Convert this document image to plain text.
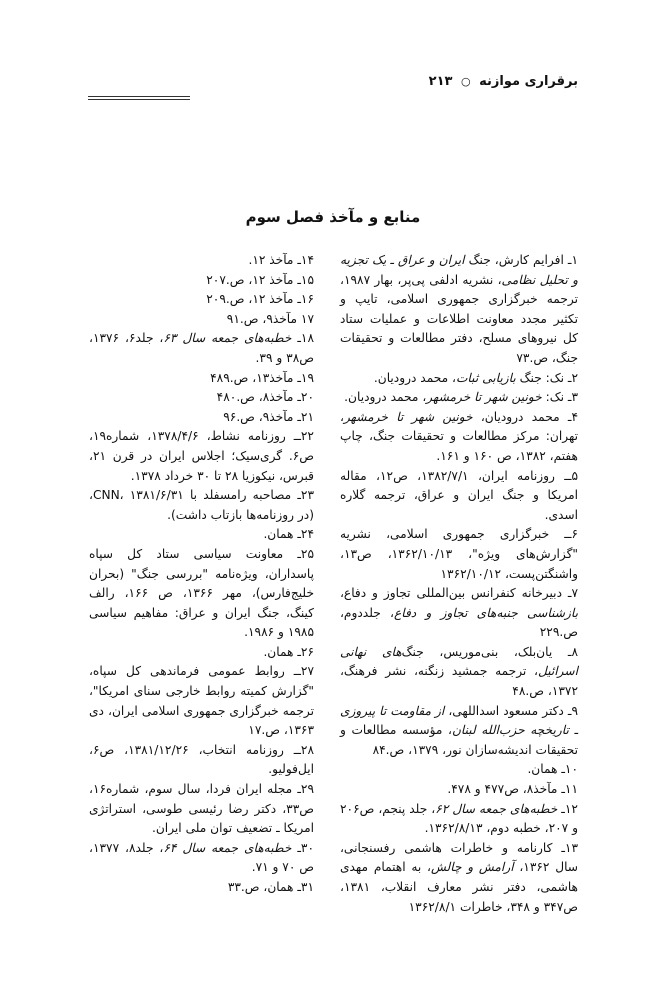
برقراری موازنه ○ ۲۱۳
منابع و مآخذ فصل سوم

۱ـ افرایم کارش، جنگ ایران و عراق ـ یک تجزیه و تحلیل نظامی، نشریه ادلفی پی‌پر، بهار ۱۹۸۷، ترجمه خبرگزاری جمهوری اسلامی، تایپ و تکثیر مجدد معاونت اطلاعات و عملیات ستاد کل نیروهای مسلح، دفتر مطالعات و تحقیقات جنگ، ص.۷۳

۲ـ نک: جنگ بازیابی ثبات، محمد درودیان.

۳ـ نک: خونین شهر تا خرمشهر، محمد درودیان.

۴ـ محمد درودیان، خونین شهر تا خرمشهر، تهران: مرکز مطالعات و تحقیقات جنگ، چاپ هفتم، ۱۳۸۲، ص ۱۶۰ و ۱۶۱.

۵ــ روزنامه ایران، ۱۳۸۲/۷/۱، ص۱۲، مقاله امریکا و جنگ ایران و عراق، ترجمه گلاره اسدی.

۶ــ خبرگزاری جمهوری اسلامی، نشریه "گزارش‌های ویژه"، ۱۳۶۲/۱۰/۱۳، ص۱۳، واشنگتن‌پست، ۱۳۶۲/۱۰/۱۲

۷ـ دبیرخانه کنفرانس بین‌المللی تجاوز و دفاع، بازشناسی جنبه‌های تجاوز و دفاع، جلددوم، ص.۲۲۹

۸ـ یان‌بلک، بنی‌موریس، جنگ‌های نهانی اسرائیل، ترجمه جمشید زنگنه، نشر فرهنگ، ۱۳۷۲، ص.۴۸

۹ـ دکتر مسعود اسداللهی، از مقاومت تا پیروزی ـ تاریخچه حزب‌الله لبنان، مؤسسه مطالعات و تحقیقات اندیشه‌سازان نور، ۱۳۷۹، ص.۸۴

۱۰ـ همان.

۱۱ـ مآخذ۸، ص۴۷۷ و ۴۷۸.

۱۲ـ خطبه‌های جمعه سال ۶۲، جلد پنجم، ص۲۰۶ و ۲۰۷، خطبه دوم، ۱۳۶۲/۸/۱۳.

۱۳ـ کارنامه و خاطرات هاشمی رفسنجانی، سال ۱۳۶۲، آرامش و چالش، به اهتمام مهدی هاشمی، دفتر نشر معارف انقلاب، ۱۳۸۱، ص۳۴۷ و ۳۴۸، خاطرات ۱۳۶۲/۸/۱

۱۴ـ مآخذ ۱۲.

۱۵ـ مآخذ ۱۲، ص.۲۰۷

۱۶ـ مآخذ ۱۲، ص.۲۰۹

۱۷ مآخذ۹، ص.۹۱

۱۸ـ خطبه‌های جمعه سال ۶۳، جلد۶، ۱۳۷۶، ص۳۸ و ۳۹.

۱۹ـ مآخذ۱۳، ص.۴۸۹

۲۰ـ مآخذ۸، ص.۴۸۰

۲۱ـ مآخذ۹، ص.۹۶

۲۲ــ روزنامه نشاط، ۱۳۷۸/۴/۶، شماره۱۹، ص۶. گری‌سیک؛ اجلاس ایران در قرن ۲۱، قبرس، نیکوزیا ۲۸ تا ۳۰ خرداد ۱۳۷۸.

۲۳ـ مصاحبه رامسفلد با CNN، ۱۳۸۱/۶/۳۱، (در روزنامه‌ها بازتاب داشت).

۲۴ـ همان.

۲۵ـ معاونت سیاسی ستاد کل سپاه پاسداران، ویژه‌نامه "بررسی جنگ" (بحران خلیج‌فارس)، مهر ۱۳۶۶، ص ۱۶۶، رالف کینگ، جنگ ایران و عراق: مفاهیم سیاسی ۱۹۸۵ و ۱۹۸۶.

۲۶ـ همان.

۲۷ــ روابط عمومی فرماندهی کل سپاه، "گزارش کمیته روابط خارجی سنای امریکا"، ترجمه خبرگزاری جمهوری اسلامی ایران، دی ۱۳۶۳، ص.۱۷

۲۸ــ روزنامه انتخاب، ۱۳۸۱/۱۲/۲۶، ص۶، ایل‌فولیو.

۲۹ـ مجله ایران فردا، سال سوم، شماره۱۶، ص۳۳، دکتر رضا رئیسی طوسی، استراتژی امریکا ـ تضعیف توان ملی ایران.

۳۰ـ خطبه‌های جمعه سال ۶۴، جلد۸، ۱۳۷۷، ص ۷۰ و ۷۱.

۳۱ـ همان، ص.۳۳
